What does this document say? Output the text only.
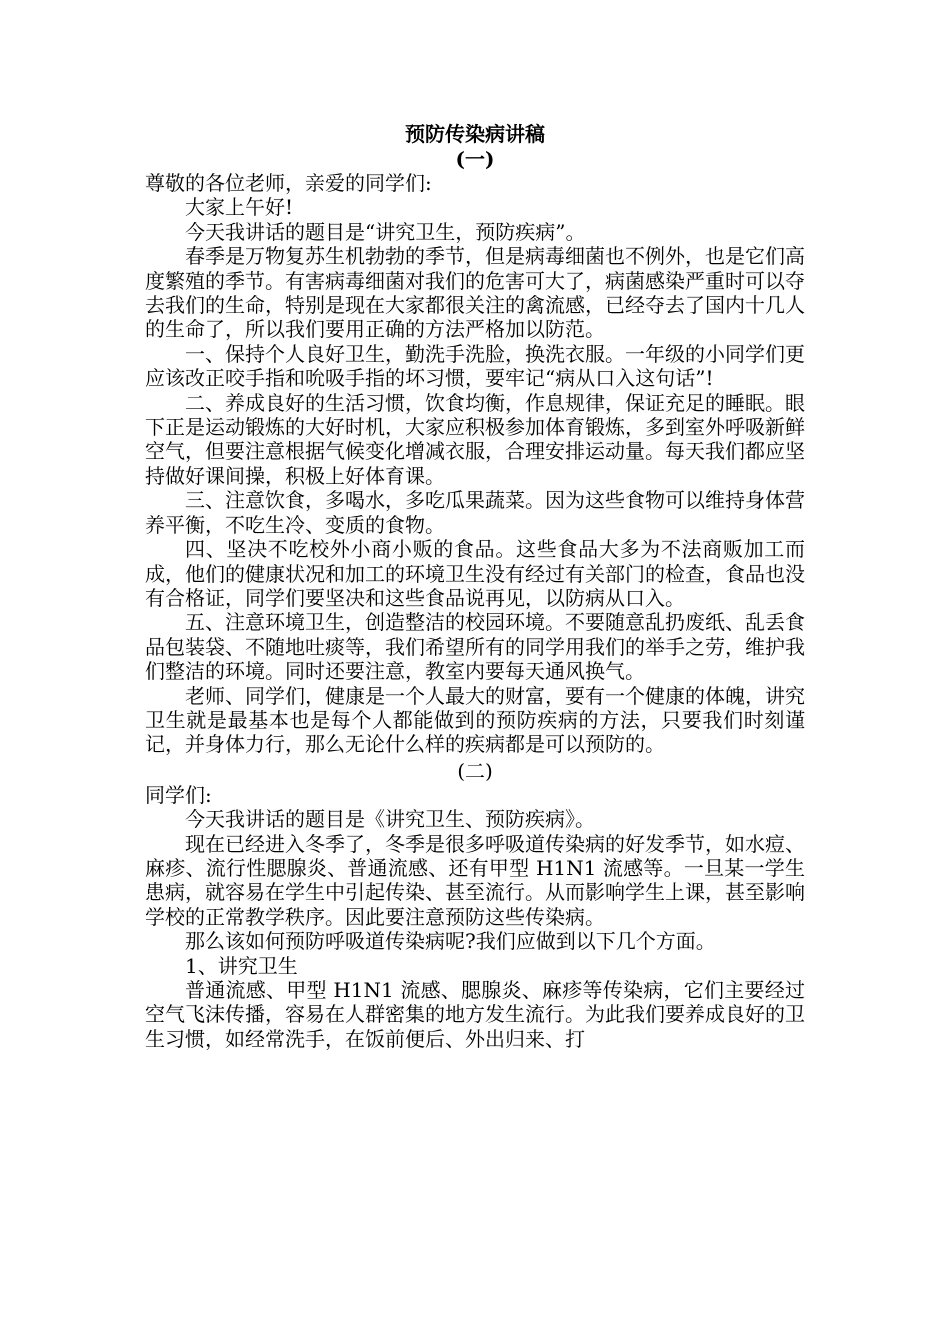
预防传染病讲稿
(一)

尊敬的各位老师，亲爱的同学们:

大家上午好!

今天我讲话的题目是“讲究卫生，预防疾病”。

春季是万物复苏生机勃勃的季节，但是病毒细菌也不例外，也是它们高度繁殖的季节。有害病毒细菌对我们的危害可大了，病菌感染严重时可以夺去我们的生命，特别是现在大家都很关注的禽流感，已经夺去了国内十几人的生命了，所以我们要用正确的方法严格加以防范。

一、保持个人良好卫生，勤洗手洗脸，换洗衣服。一年级的小同学们更应该改正咬手指和吮吸手指的坏习惯，要牢记“病从口入这句话”!

二、养成良好的生活习惯，饮食均衡，作息规律，保证充足的睡眠。眼下正是运动锻炼的大好时机，大家应积极参加体育锻炼，多到室外呼吸新鲜空气，但要注意根据气候变化增减衣服，合理安排运动量。每天我们都应坚持做好课间操，积极上好体育课。

三、注意饮食，多喝水，多吃瓜果蔬菜。因为这些食物可以维持身体营养平衡，不吃生冷、变质的食物。

四、坚决不吃校外小商小贩的食品。这些食品大多为不法商贩加工而成，他们的健康状况和加工的环境卫生没有经过有关部门的检查，食品也没有合格证，同学们要坚决和这些食品说再见，以防病从口入。

五、注意环境卫生，创造整洁的校园环境。不要随意乱扔废纸、乱丢食品包装袋、不随地吐痰等，我们希望所有的同学用我们的举手之劳，维护我们整洁的环境。同时还要注意，教室内要每天通风换气。

老师、同学们，健康是一个人最大的财富，要有一个健康的体魄，讲究卫生就是最基本也是每个人都能做到的预防疾病的方法，只要我们时刻谨记，并身体力行，那么无论什么样的疾病都是可以预防的。

(二)

同学们:

今天我讲话的题目是《讲究卫生、预防疾病》。

现在已经进入冬季了，冬季是很多呼吸道传染病的好发季节，如水痘、麻疹、流行性腮腺炎、普通流感、还有甲型 H1N1 流感等。一旦某一学生患病，就容易在学生中引起传染、甚至流行。从而影响学生上课，甚至影响学校的正常教学秩序。因此要注意预防这些传染病。

那么该如何预防呼吸道传染病呢?我们应做到以下几个方面。

1、讲究卫生

普通流感、甲型 H1N1 流感、腮腺炎、麻疹等传染病，它们主要经过空气飞沫传播，容易在人群密集的地方发生流行。为此我们要养成良好的卫生习惯，如经常洗手，在饭前便后、外出归来、打
